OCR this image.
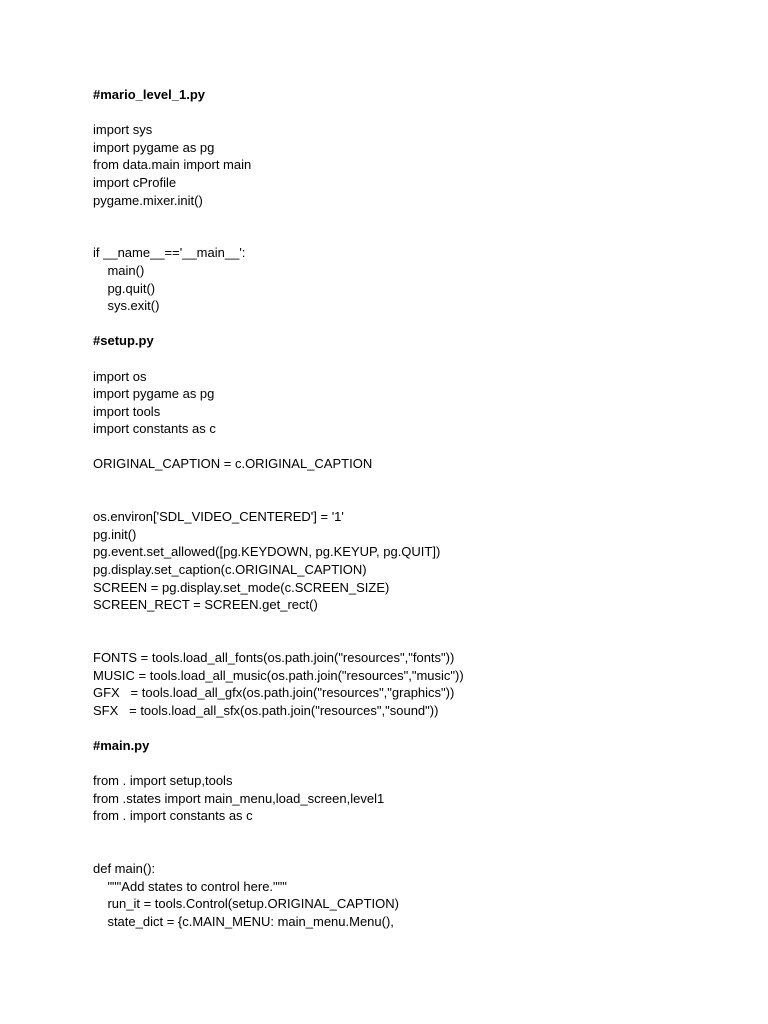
#mario_level_1.py
import sys
import pygame as pg
from data.main import main
import cProfile
pygame.mixer.init()
if __name__=='__main__':
main()
pg.quit()
sys.exit()
#setup.py
import os
import pygame as pg
import tools
import constants as c
ORIGINAL_CAPTION = c.ORIGINAL_CAPTION
os.environ['SDL_VIDEO_CENTERED'] = '1'
pg.init()
pg.event.set_allowed([pg.KEYDOWN, pg.KEYUP, pg.QUIT])
pg.display.set_caption(c.ORIGINAL_CAPTION)
SCREEN = pg.display.set_mode(c.SCREEN_SIZE)
SCREEN_RECT = SCREEN.get_rect()
FONTS = tools.load_all_fonts(os.path.join("resources","fonts"))
MUSIC = tools.load_all_music(os.path.join("resources","music"))
GFX   = tools.load_all_gfx(os.path.join("resources","graphics"))
SFX   = tools.load_all_sfx(os.path.join("resources","sound"))
#main.py
from . import setup,tools
from .states import main_menu,load_screen,level1
from . import constants as c
def main():
"""Add states to control here."""
run_it = tools.Control(setup.ORIGINAL_CAPTION)
state_dict = {c.MAIN_MENU: main_menu.Menu(),
